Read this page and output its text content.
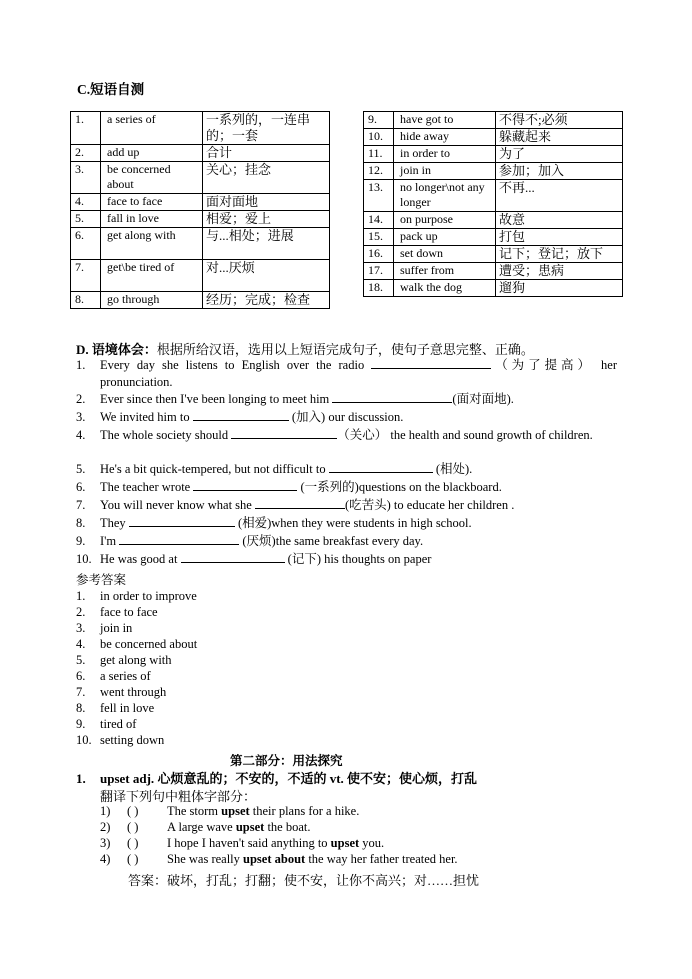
C.短语自测
1.	a series of	一系列的，一连串的；一套
2.	add up	合计
3.	be concerned about	关心；挂念
4.	face to face	面对面地
5.	fall in love	相爱；爱上
6.	get along with	与...相处；进展
7.	get\be tired of	对...厌烦
8.	go through	经历；完成；检查
9.	have got to	不得不;必须
10.	hide away	躲藏起来
11.	in order to	为了
12.	join in	参加；加入
13.	no longer\not any longer	不再...
14.	on purpose	故意
15.	pack up	打包
16.	set down	记下；登记；放下
17.	suffer from	遭受；患病
18.	walk the dog	遛狗
D. 语境体会：根据所给汉语，选用以上短语完成句子，使句子意思完整、正确。
1.	Every day she listens to English over the radio	（为了提高） her pronunciation.
2.	Ever since then I've been longing to meet him	(面对面地).
3.	We invited him to	(加入) our discussion.
4.	The whole society should	（关心） the health and sound growth of children.
5.	He's a bit quick-tempered, but not difficult to	(相处).
6.	The teacher wrote	(一系列的)questions on the blackboard.
7.	You will never know what she	(吃苦头) to educate her children .
8.	They	(相爱)when they were students in high school.
9.	I'm	(厌烦)the same breakfast every day.
10. He was good at	(记下) his thoughts on paper
参考答案
1. in order to improve
2. face to face
3. join in
4. be concerned about
5. get along with
6. a series of
7. went through
8. fell in love
9. tired of
10. setting down
第二部分：用法探究
1. upset adj. 心烦意乱的；不安的，不适的 vt. 使不安；使心烦，打乱
翻译下列句中粗体字部分：
1) ( ) The storm upset their plans for a hike.
2) ( ) A large wave upset the boat.
3) ( ) I hope I haven't said anything to upset you.
4) ( ) She was really upset about the way her father treated her.
答案：破坏，打乱；打翻；使不安，让你不高兴；对……担忧
